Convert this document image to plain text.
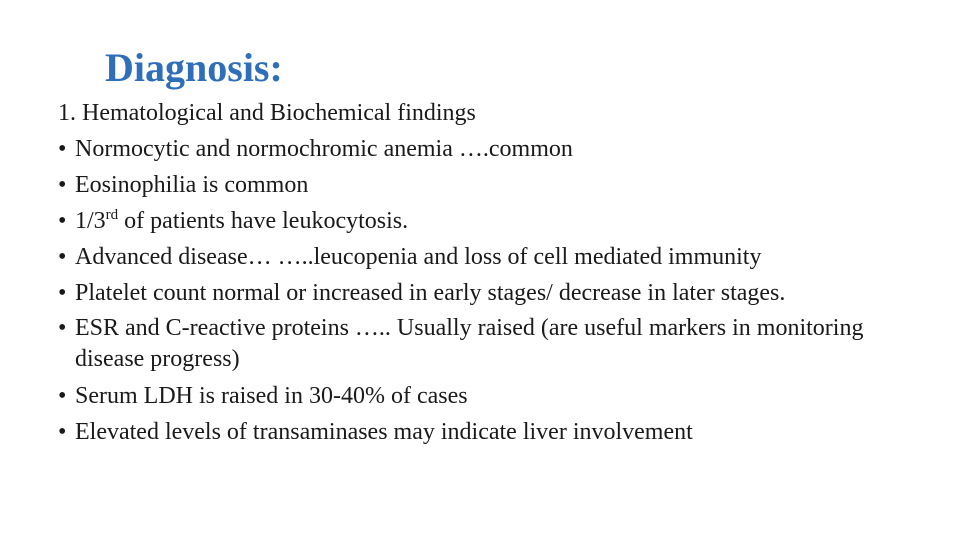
Diagnosis:
1. Hematological and Biochemical findings
• Normocytic and normochromic anemia ….common
• Eosinophilia is common
• 1/3rd of patients have leukocytosis.
• Advanced disease… …..leucopenia and loss of cell mediated immunity
• Platelet count normal or increased in early stages/ decrease in later stages.
• ESR and C-reactive proteins ….. Usually raised (are useful markers in monitoring disease progress)
• Serum LDH is raised in 30-40% of cases
• Elevated levels of transaminases may indicate liver involvement
